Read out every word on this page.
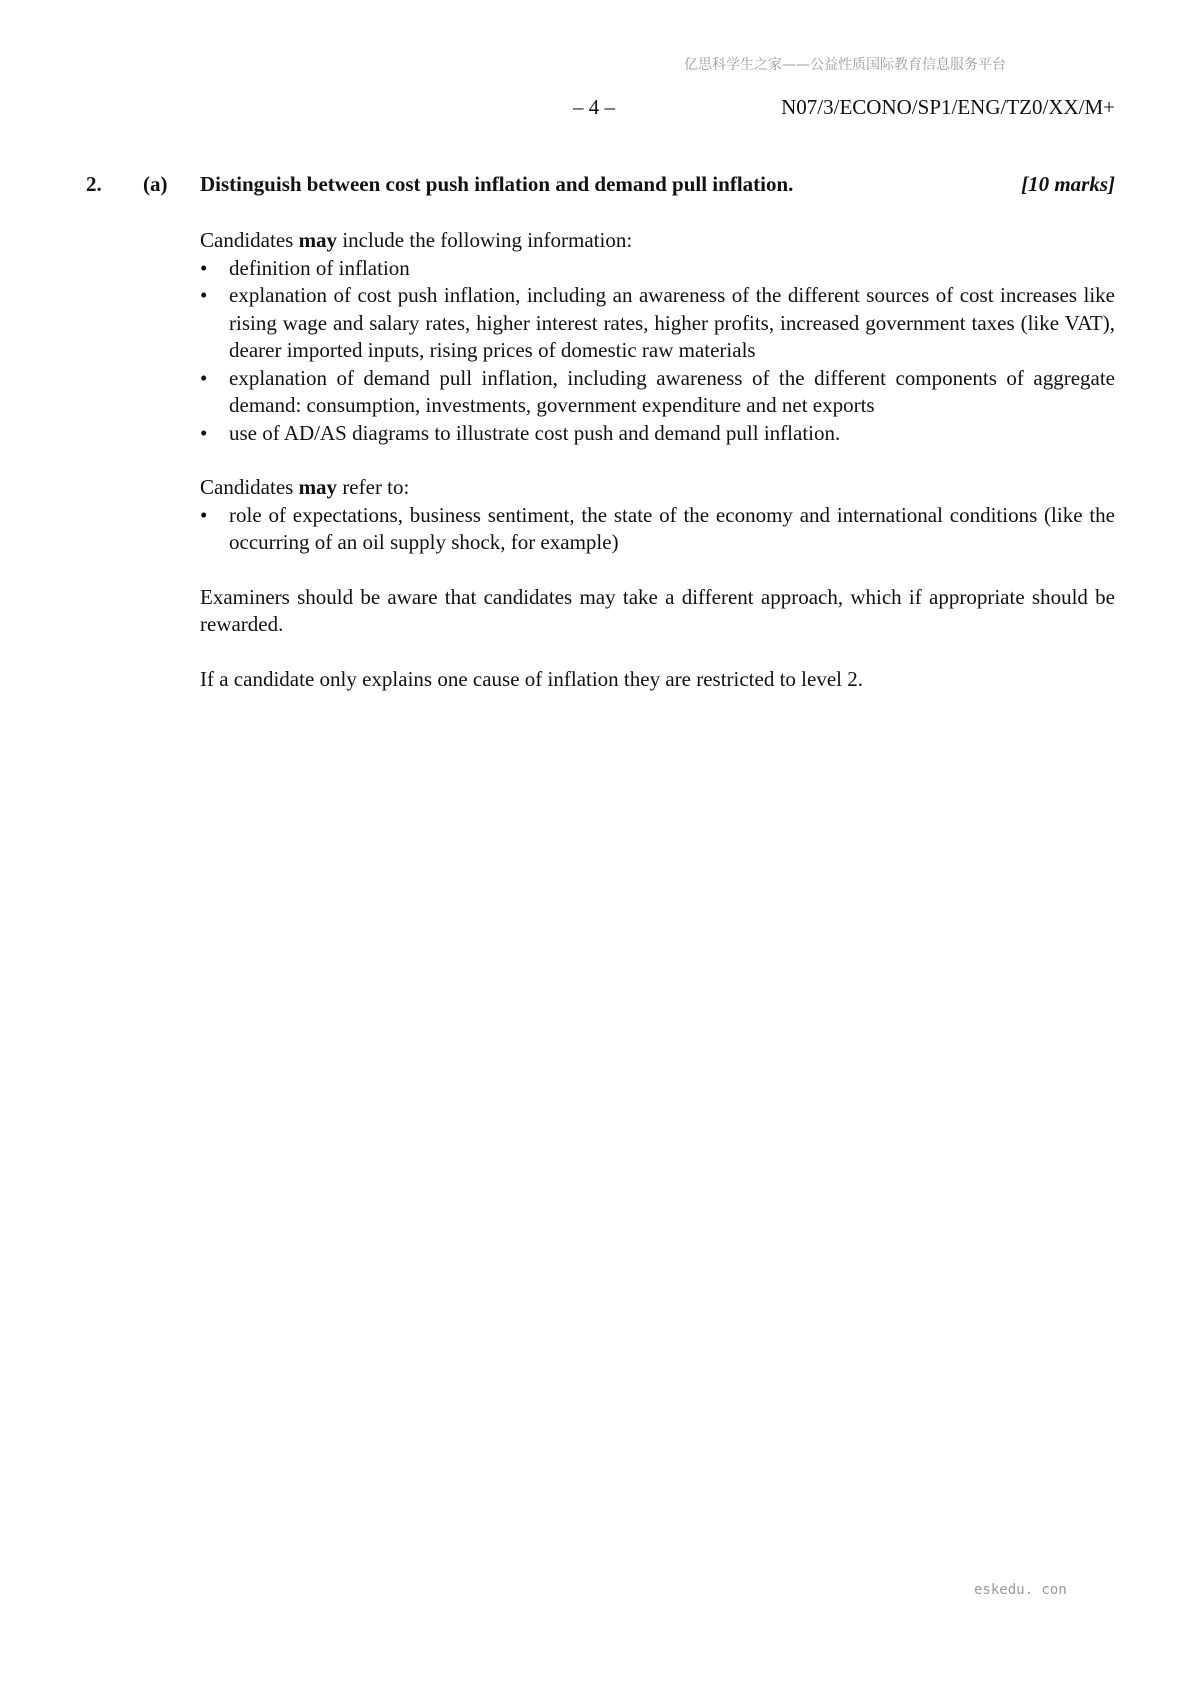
亿思科学生之家——公益性质国际教育信息服务平台
– 4 –	N07/3/ECONO/SP1/ENG/TZ0/XX/M+
2. (a) Distinguish between cost push inflation and demand pull inflation.	[10 marks]

Candidates may include the following information:

•	definition of inflation
•	explanation of cost push inflation, including an awareness of the different sources of cost increases like rising wage and salary rates, higher interest rates, higher profits, increased government taxes (like VAT), dearer imported inputs, rising prices of domestic raw materials
•	explanation of demand pull inflation, including awareness of the different components of aggregate demand: consumption, investments, government expenditure and net exports
•	use of AD/AS diagrams to illustrate cost push and demand pull inflation.

Candidates may refer to:

•	role of expectations, business sentiment, the state of the economy and international conditions (like the occurring of an oil supply shock, for example)

Examiners should be aware that candidates may take a different approach, which if appropriate should be rewarded.

If a candidate only explains one cause of inflation they are restricted to level 2.

eskedu. con
